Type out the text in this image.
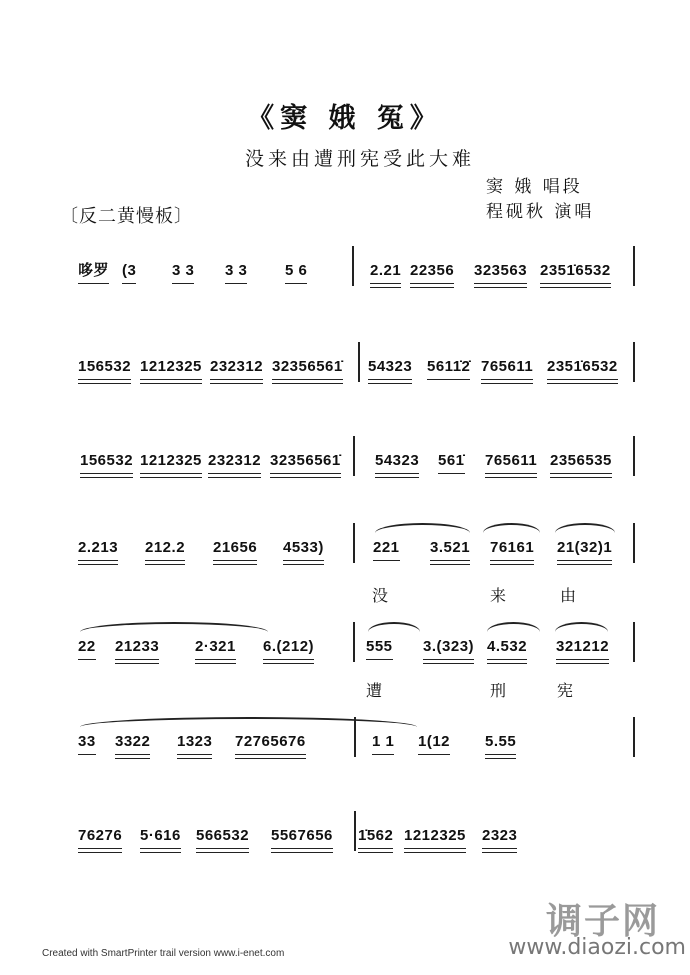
《窦 娥 冤》
没来由遭刑宪受此大难
窦 娥 唱段
程砚秋 演唱
〔反二黄慢板〕
哆罗 (3 3 3 3 3	5 6	2.21 22356 323563 2351̇6532
156532 1212325 232312 32356561̇ 54323 5611̇2̇ 765611 2351̇6532
156532 1212325 232312 32356561̇ 54323 561̇ 765611 2356535
2.213 212.2 21656 4533)	221 3.521 76161 21(32)1
没	来	由
22 21233 2·321 6.(212)	555 3.(323) 4.532 321212
遭	刑	宪
33 3322 1323 72765676	1 1 1(12 5.55
76276 5·616 566532 5567656 1̇562 1212325 2323
调子网
www.diaozi.com
Created with SmartPrinter trail version www.i-enet.com
